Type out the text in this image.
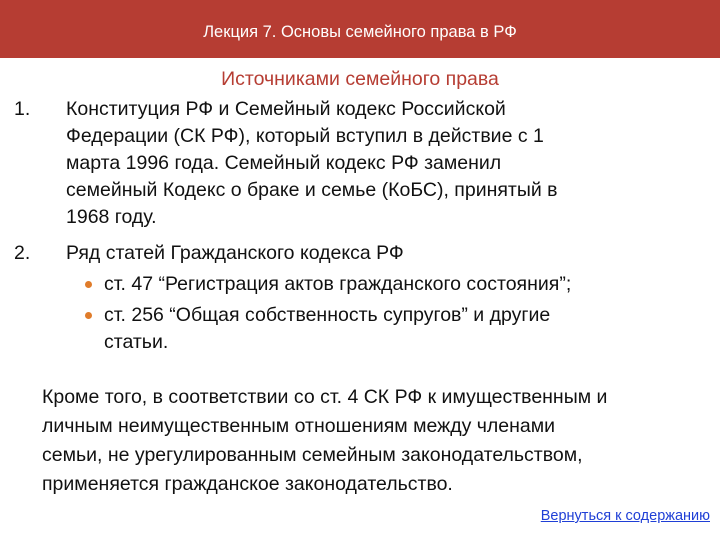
Лекция 7. Основы семейного права в РФ
Источниками семейного права
1.	Конституция РФ и Семейный кодекс Российской
Федерации (СК РФ), который вступил в действие с 1
марта 1996 года. Семейный кодекс РФ заменил
семейный Кодекс о браке и семье (КоБС), принятый в
1968 году.
2.	Ряд статей Гражданского кодекса РФ
ст. 47 “Регистрация актов гражданского состояния”;
ст. 256 “Общая собственность супругов” и другие
статьи.
Кроме того, в соответствии со ст. 4 СК РФ к имущественным и
личным неимущественным отношениям между членами
семьи, не урегулированным семейным законодательством,
применяется гражданское законодательство.
Вернуться к содержанию
